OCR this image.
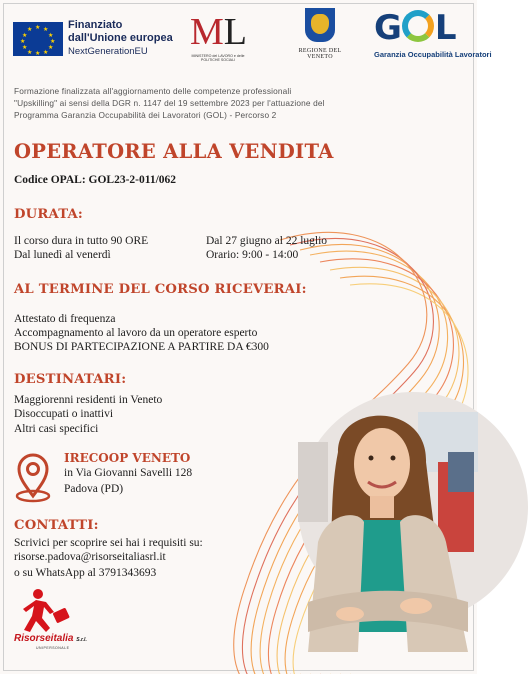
★ ★
★
★
★
★
★
★
★
★
★
★	Finanziato
dall'Unione europea
NextGenerationEU	ML
MINISTERO del LAVORO e delle POLITICHE SOCIALI
REGIONE DEL VENETO
G L
Garanzia Occupabilità Lavoratori
Formazione finalizzata all'aggiornamento delle competenze professionali
"Upskilling" ai sensi della DGR n. 1147 del 19 settembre 2023 per l'attuazione del
Programma Garanzia Occupabilità dei Lavoratori (GOL) - Percorso 2
OPERATORE ALLA VENDITA
Codice OPAL: GOL23-2-011/062
DURATA:
Il corso dura in tutto 90 ORE
Dal lunedì al venerdì
Dal 27 giugno al 22 luglio
Orario: 9:00 - 14:00
AL TERMINE DEL CORSO RICEVERAI:
Attestato di frequenza
Accompagnamento al lavoro da un operatore esperto
BONUS DI PARTECIPAZIONE A PARTIRE DA €300
DESTINATARI:
Maggiorenni residenti in Veneto
Disoccupati o inattivi
Altri casi specifici
IRECOOP VENETO
in Via Giovanni Savelli 128
Padova (PD)
CONTATTI:
Scrivici per scoprire sei hai i requisiti su:
risorse.padova@risorseitaliasrl.it
o su WhatsApp al 3791343693
Risorseitalia S.r.l.
UNIPERSONALE
